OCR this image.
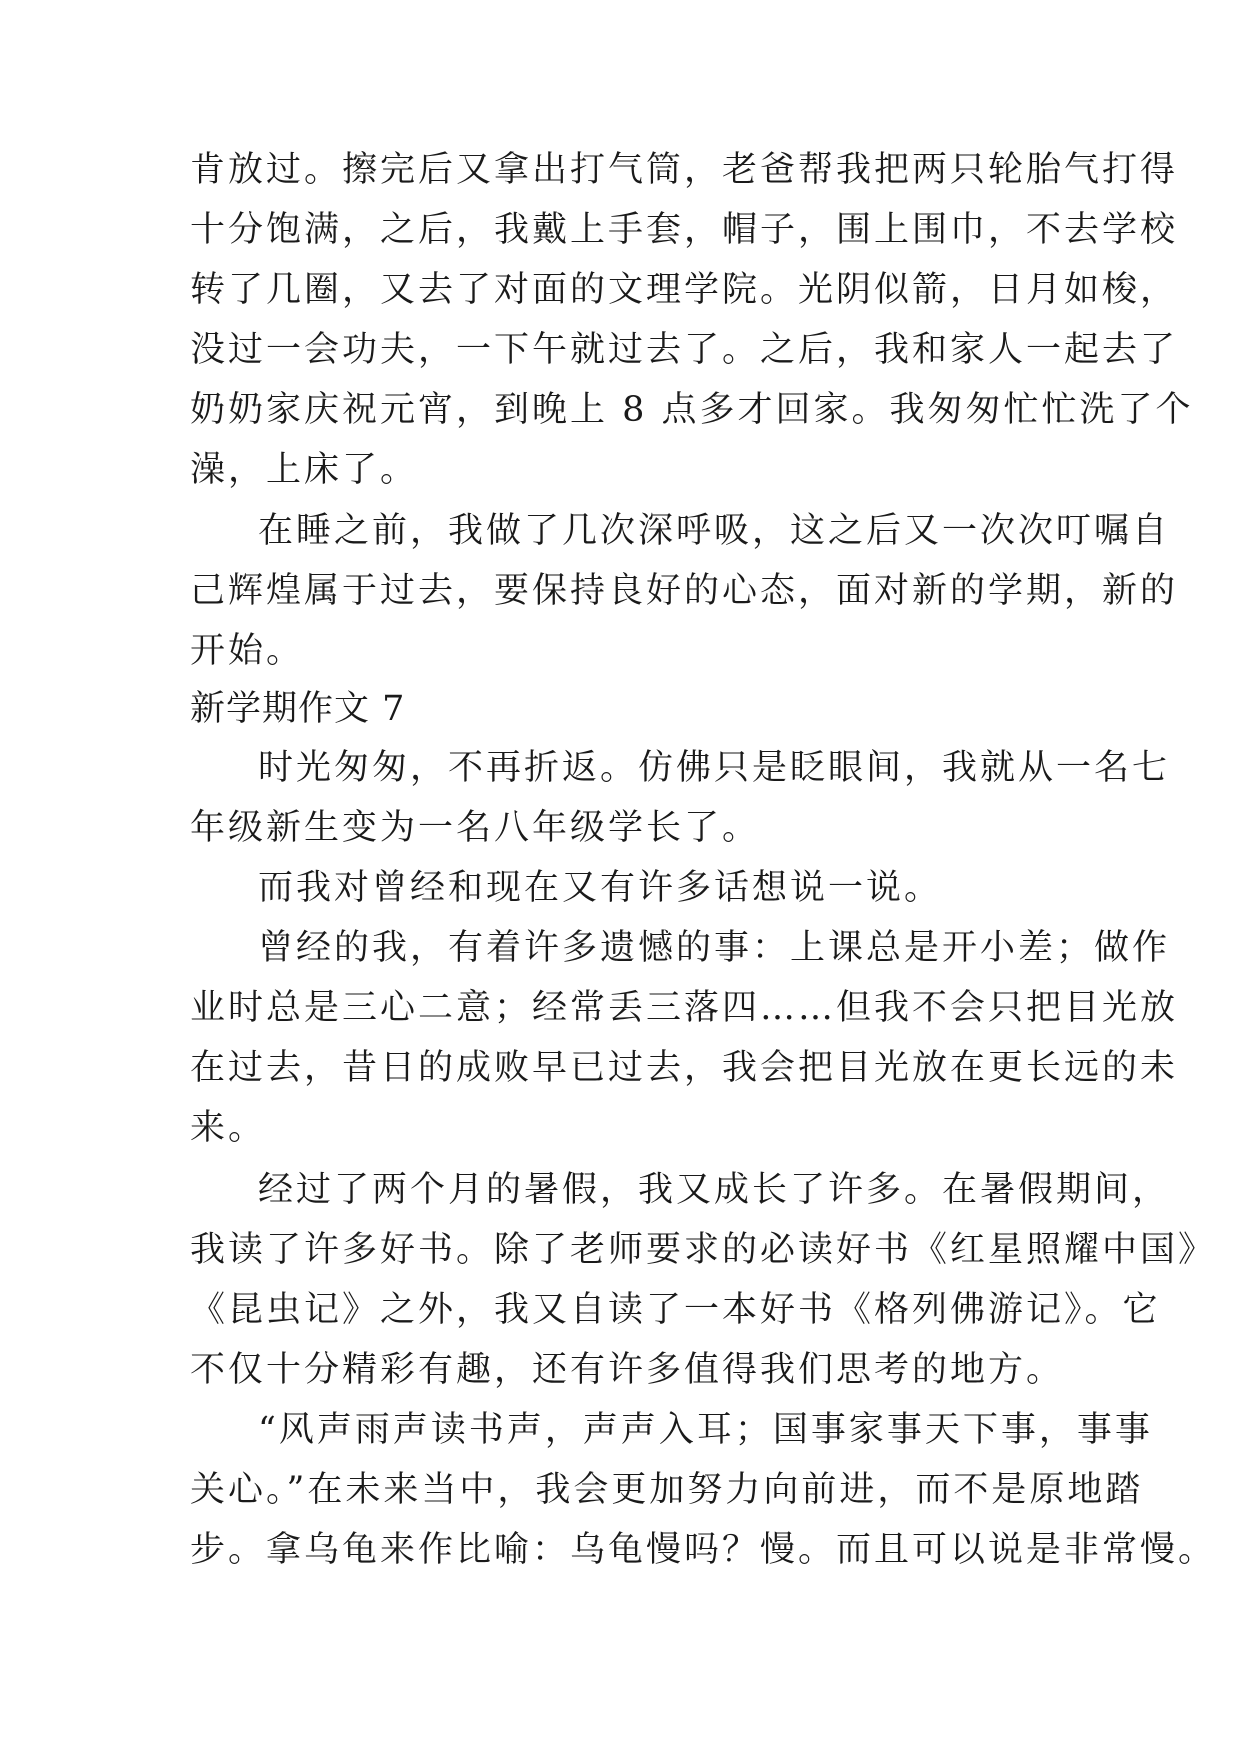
肯放过。擦完后又拿出打气筒，老爸帮我把两只轮胎气打得
十分饱满，之后，我戴上手套，帽子，围上围巾，不去学校
转了几圈，又去了对面的文理学院。光阴似箭，日月如梭，
没过一会功夫，一下午就过去了。之后，我和家人一起去了
奶奶家庆祝元宵，到晚上 8 点多才回家。我匆匆忙忙洗了个
澡，上床了。
在睡之前，我做了几次深呼吸，这之后又一次次叮嘱自
己辉煌属于过去，要保持良好的心态，面对新的学期，新的
开始。
新学期作文 7
时光匆匆，不再折返。仿佛只是眨眼间，我就从一名七
年级新生变为一名八年级学长了。
而我对曾经和现在又有许多话想说一说。
曾经的我，有着许多遗憾的事：上课总是开小差；做作
业时总是三心二意；经常丢三落四……但我不会只把目光放
在过去，昔日的成败早已过去，我会把目光放在更长远的未
来。
经过了两个月的暑假，我又成长了许多。在暑假期间，
我读了许多好书。除了老师要求的必读好书《红星照耀中国》
《昆虫记》之外，我又自读了一本好书《格列佛游记》。它
不仅十分精彩有趣，还有许多值得我们思考的地方。
“风声雨声读书声，声声入耳；国事家事天下事，事事
关心。”在未来当中，我会更加努力向前进，而不是原地踏
步。拿乌龟来作比喻：乌龟慢吗？慢。而且可以说是非常慢。
